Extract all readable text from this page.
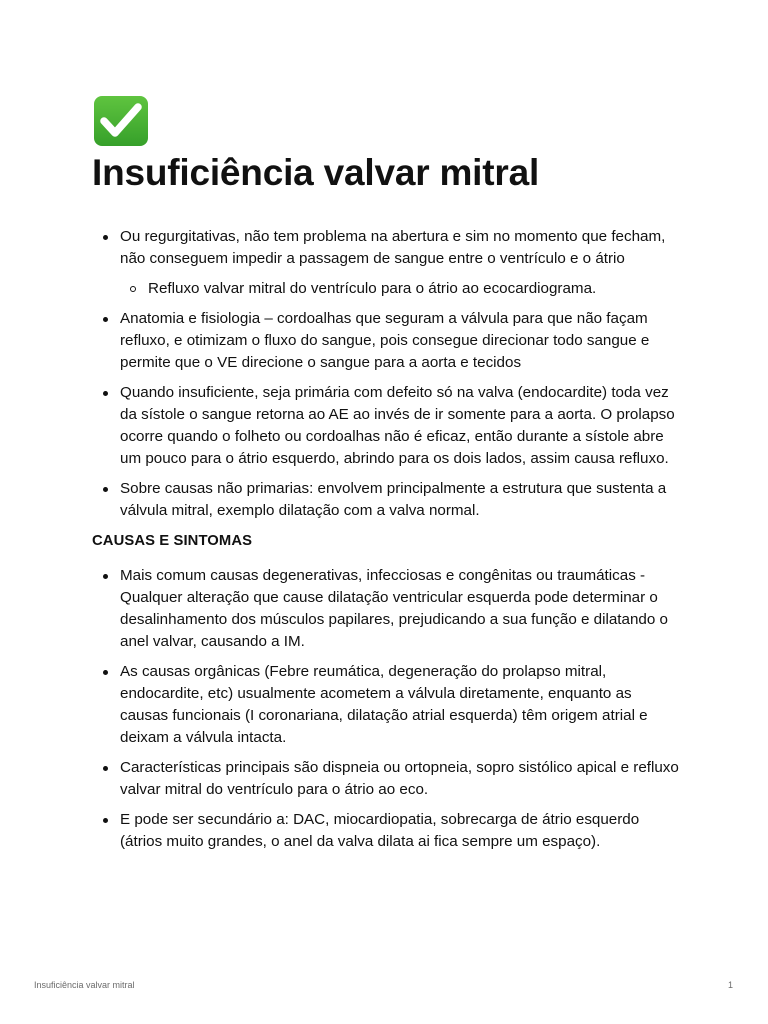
Insuficiência valvar mitral
Ou regurgitativas, não tem problema na abertura e sim no momento que fecham, não conseguem impedir a passagem de sangue entre o ventrículo e o átrio
Refluxo valvar mitral do ventrículo para o átrio ao ecocardiograma.
Anatomia e fisiologia – cordoalhas que seguram a válvula para que não façam refluxo, e otimizam o fluxo do sangue, pois consegue direcionar todo sangue e permite que o VE direcione o sangue para a aorta e tecidos
Quando insuficiente, seja primária com defeito só na valva (endocardite) toda vez da sístole o sangue retorna ao AE ao invés de ir somente para a aorta. O prolapso ocorre quando o folheto ou cordoalhas não é eficaz, então durante a sístole abre um pouco para o átrio esquerdo, abrindo para os dois lados, assim causa refluxo.
Sobre causas não primarias: envolvem principalmente a estrutura que sustenta a válvula mitral, exemplo dilatação com a valva normal.
CAUSAS E SINTOMAS
Mais comum causas degenerativas, infecciosas e congênitas ou traumáticas - Qualquer alteração que cause dilatação ventricular esquerda pode determinar o desalinhamento dos músculos papilares, prejudicando a sua função e dilatando o anel valvar, causando a IM.
As causas orgânicas (Febre reumática, degeneração do prolapso mitral, endocardite, etc) usualmente acometem a válvula diretamente, enquanto as causas funcionais (I coronariana, dilatação atrial esquerda) têm origem atrial e deixam a válvula intacta.
Características principais são dispneia ou ortopneia, sopro sistólico apical e refluxo valvar mitral do ventrículo para o átrio ao eco.
E pode ser secundário a: DAC, miocardiopatia, sobrecarga de átrio esquerdo (átrios muito grandes, o anel da valva dilata ai fica sempre um espaço).
Insuficiência valvar mitral	1
